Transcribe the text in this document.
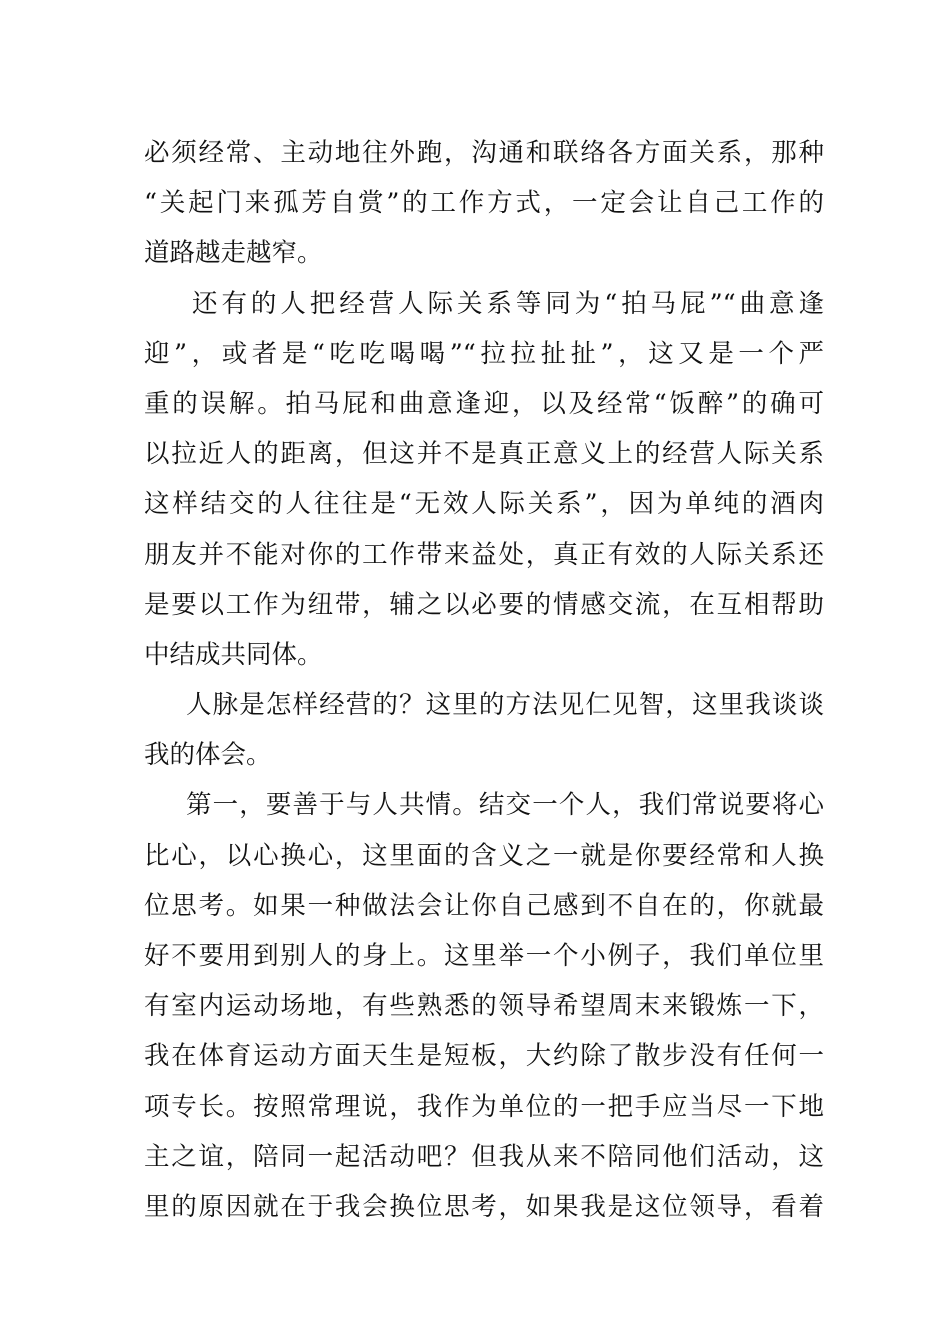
必须经常、主动地往外跑，沟通和联络各方面关系，那种
“关起门来孤芳自赏”的工作方式，一定会让自己工作的
道路越走越窄。
还有的人把经营人际关系等同为“拍马屁”“曲意逢
迎”，或者是“吃吃喝喝”“拉拉扯扯”，这又是一个严
重的误解。拍马屁和曲意逢迎，以及经常“饭醉”的确可
以拉近人的距离，但这并不是真正意义上的经营人际关系
这样结交的人往往是“无效人际关系”，因为单纯的酒肉
朋友并不能对你的工作带来益处，真正有效的人际关系还
是要以工作为纽带，辅之以必要的情感交流，在互相帮助
中结成共同体。
人脉是怎样经营的？这里的方法见仁见智，这里我谈谈
我的体会。
第一，要善于与人共情。结交一个人，我们常说要将心
比心，以心换心，这里面的含义之一就是你要经常和人换
位思考。如果一种做法会让你自己感到不自在的，你就最
好不要用到别人的身上。这里举一个小例子，我们单位里
有室内运动场地，有些熟悉的领导希望周末来锻炼一下，
我在体育运动方面天生是短板，大约除了散步没有任何一
项专长。按照常理说，我作为单位的一把手应当尽一下地
主之谊，陪同一起活动吧？但我从来不陪同他们活动，这
里的原因就在于我会换位思考，如果我是这位领导，看着
